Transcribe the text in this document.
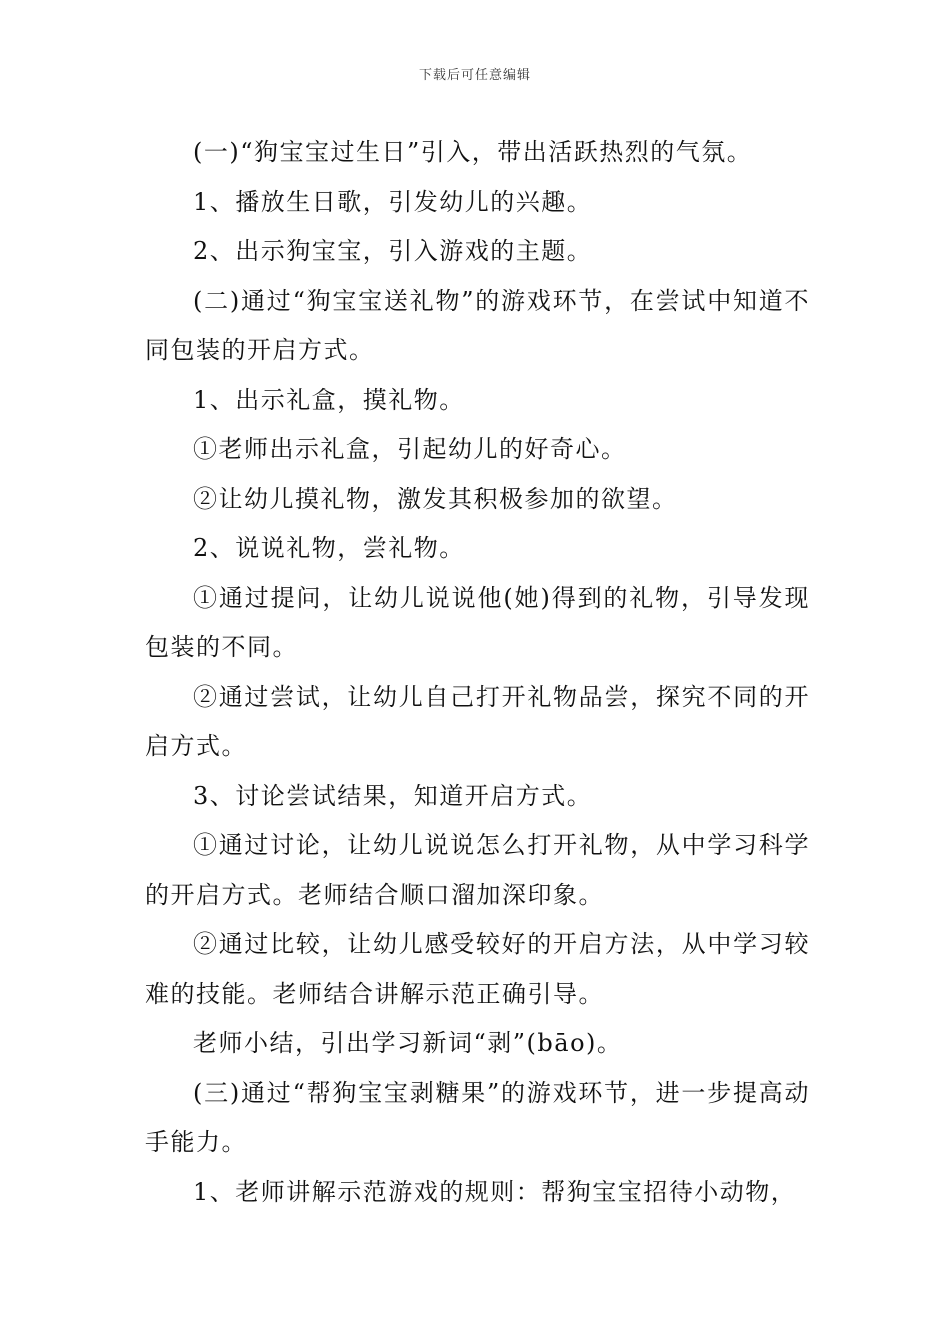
下载后可任意编辑

(一)“狗宝宝过生日”引入，带出活跃热烈的气氛。

1、播放生日歌，引发幼儿的兴趣。

2、出示狗宝宝，引入游戏的主题。

(二)通过“狗宝宝送礼物”的游戏环节，在尝试中知道不同包装的开启方式。

1、出示礼盒，摸礼物。

①老师出示礼盒，引起幼儿的好奇心。

②让幼儿摸礼物，激发其积极参加的欲望。

2、说说礼物，尝礼物。

①通过提问，让幼儿说说他(她)得到的礼物，引导发现包装的不同。

②通过尝试，让幼儿自己打开礼物品尝，探究不同的开启方式。

3、讨论尝试结果，知道开启方式。

①通过讨论，让幼儿说说怎么打开礼物，从中学习科学的开启方式。老师结合顺口溜加深印象。

②通过比较，让幼儿感受较好的开启方法，从中学习较难的技能。老师结合讲解示范正确引导。

老师小结，引出学习新词“剥”(bāo)。

(三)通过“帮狗宝宝剥糖果”的游戏环节，进一步提高动手能力。

1、老师讲解示范游戏的规则：帮狗宝宝招待小动物，
